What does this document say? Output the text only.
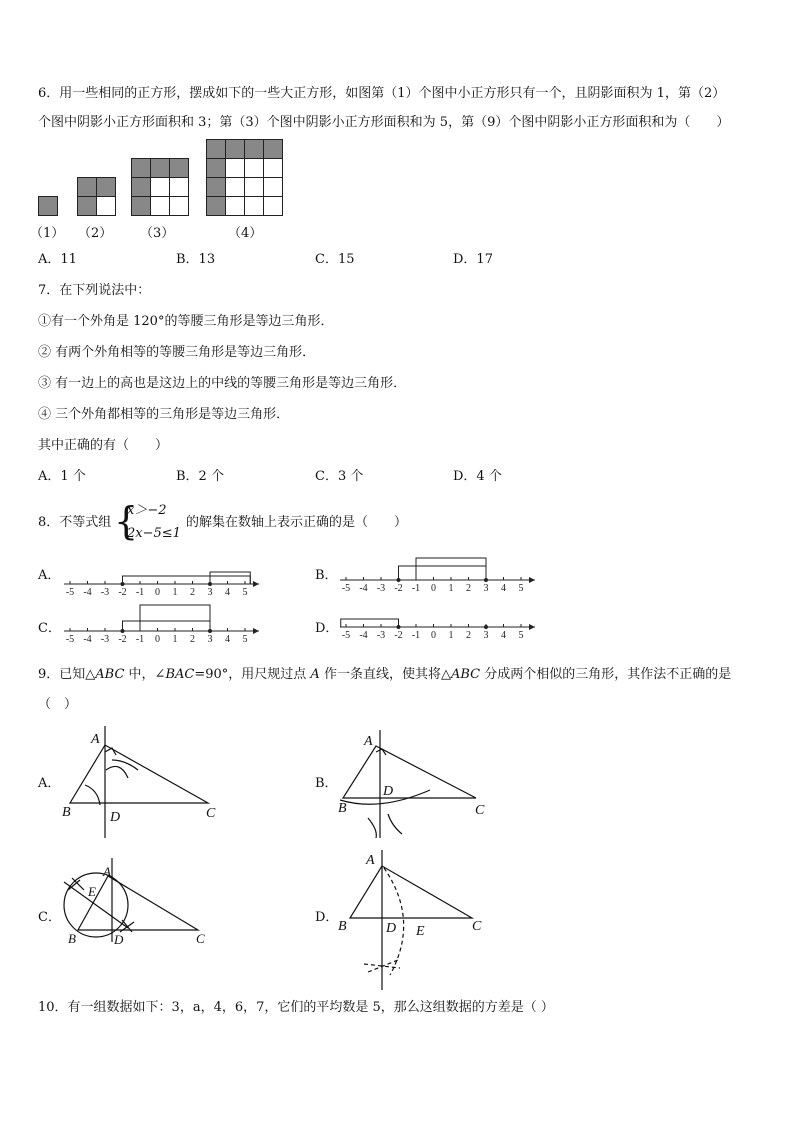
6．用一些相同的正方形，摆成如下的一些大正方形，如图第（1）个图中小正方形只有一个，且阴影面积为 1，第（2）
个图中阴影小正方形面积和 3；第（3）个图中阴影小正方形面积和为 5，第（9）个图中阴影小正方形面积和为（　　）
（1） （2） （3）	（4）
A．11	B．13	C．15	D．17
7．在下列说法中：
①有一个外角是 120°的等腰三角形是等边三角形．
② 有两个外角相等的等腰三角形是等边三角形．
③ 有一边上的高也是这边上的中线的等腰三角形是等边三角形．
④ 三个外角都相等的三角形是等边三角形．
其中正确的有（　　）
A．1 个	B．2 个	C．3 个	D．4 个
8．不等式组 {
x＞−2
2x−5≤1
的解集在数轴上表示正确的是（　　）
A．	B．
C．	D．
-5 -4 -3 -2 -1 0 1 2 3 4 5	-5 -4 -3 -2 -1 0 1 2 3 4 5
-5 -4 -3 -2 -1 0 1 2 3 4 5	-5 -4 -3 -2 -1 0 1 2 3 4 5
9．已知△ABC 中，∠BAC=90°，用尺规过点 A 作一条直线，使其将△ABC 分成两个相似的三角形，其作法不正确的是
（　）
A．	B．
C．	D．
A
B	D	C
A
B
D
C
A
E
B	D	C
A
B	D E	C
10．有一组数据如下：3，a，4，6，7，它们的平均数是 5，那么这组数据的方差是（ ）
